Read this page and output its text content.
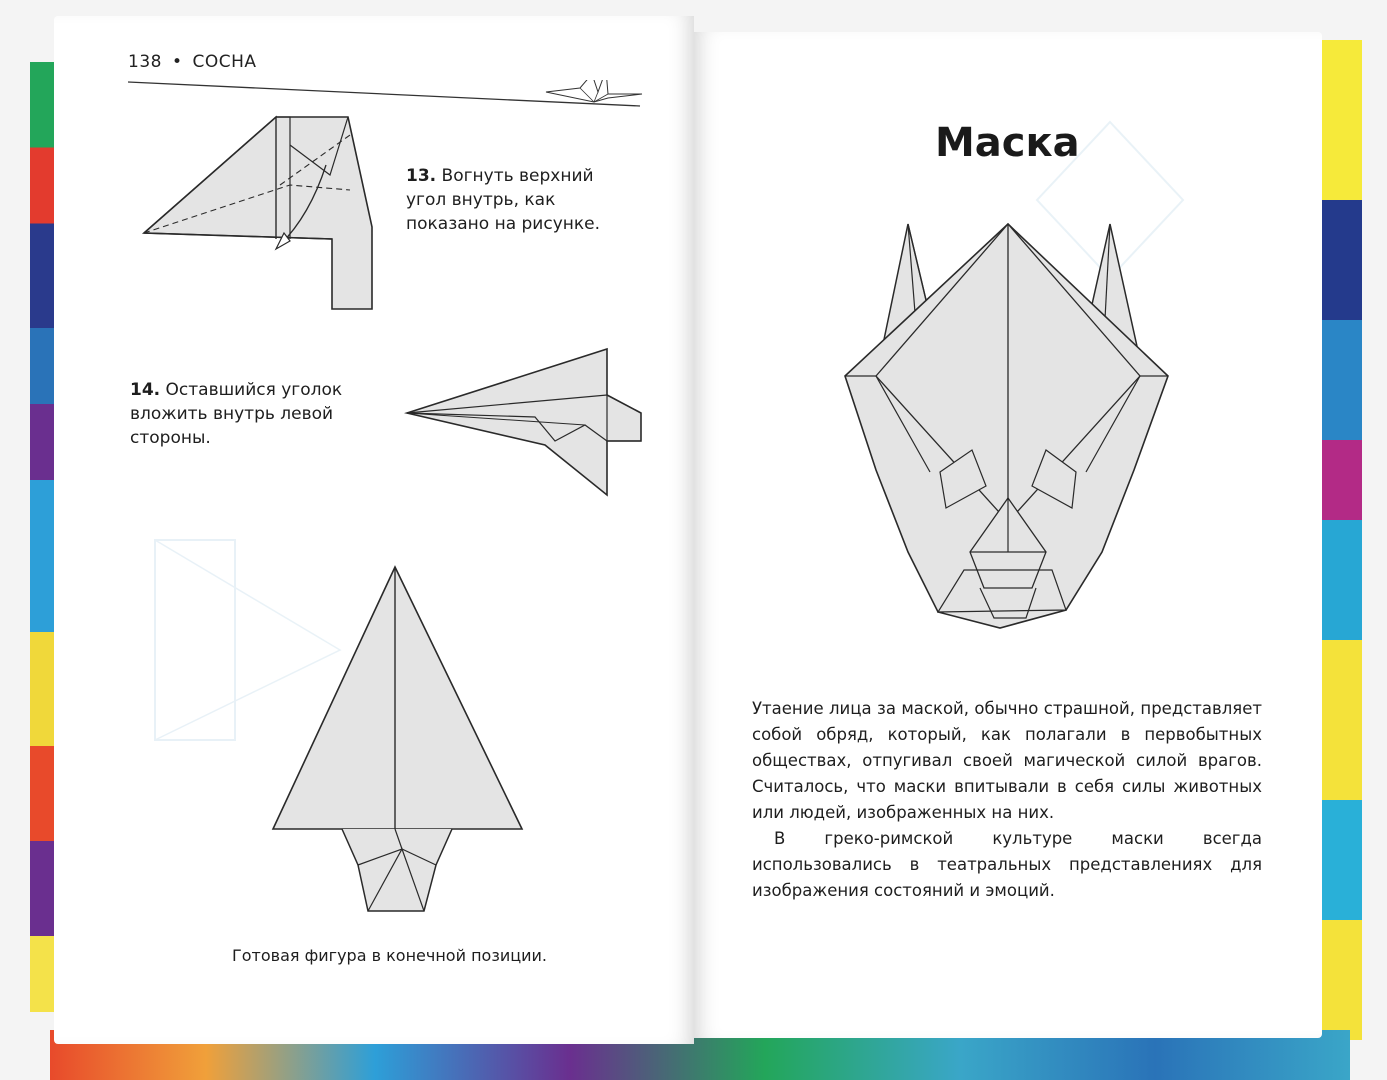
138 • СОСНА
13. Вогнуть верхний угол внутрь, как показано на рисунке.
14. Оставшийся уголок вложить внутрь левой стороны.
Готовая фигура в конечной позиции.
Маска

Утаение лица за маской, обычно страшной, представляет собой обряд, который, как полагали в первобытных обществах, отпугивал своей магической силой врагов. Считалось, что маски впитывали в себя силы животных или людей, изображенных на них.

В греко-римской культуре маски всегда использовались в театральных представлениях для изображения состояний и эмоций.
